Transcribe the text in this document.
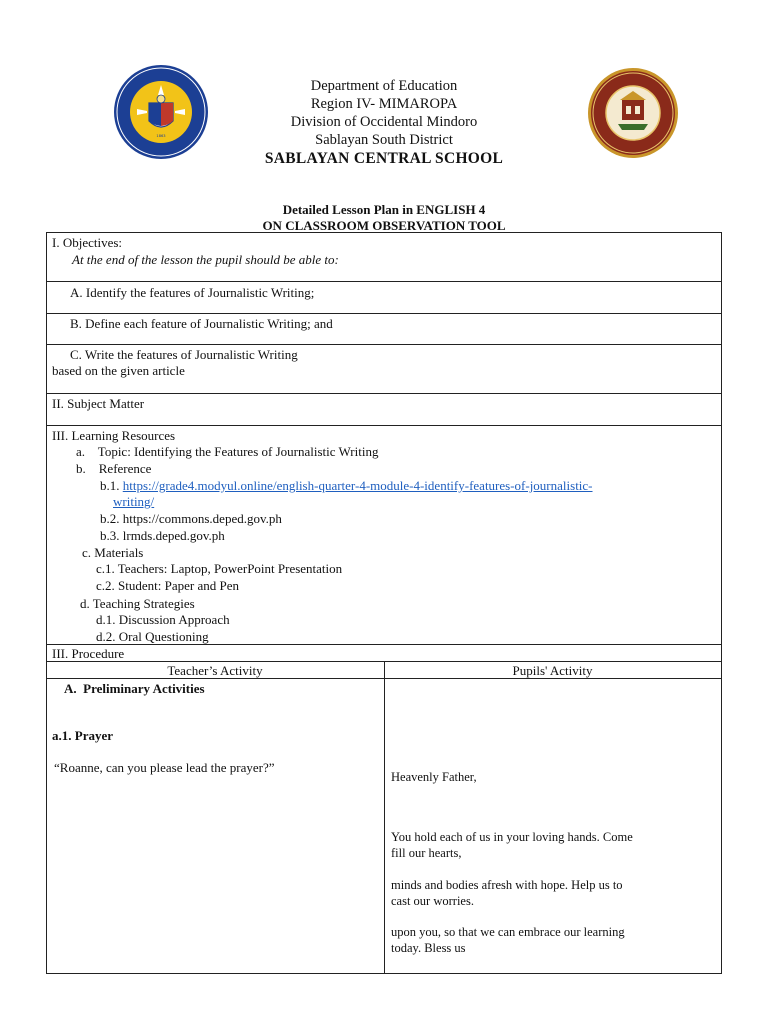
1863
Department of Education
Region IV- MIMAROPA
Division of Occidental Mindoro
Sablayan South District
SABLAYAN CENTRAL SCHOOL
Detailed Lesson Plan in ENGLISH 4
ON CLASSROOM OBSERVATION TOOL
I. Objectives:
At the end of the lesson the pupil should be able to:
A. Identify the features of Journalistic Writing;
B. Define each feature of Journalistic Writing; and
C. Write the features of Journalistic Writing
based on the given article
II. Subject Matter
III. Learning Resources
a.    Topic: Identifying the Features of Journalistic Writing
b.    Reference
b.1. https://grade4.modyul.online/english-quarter-4-module-4-identify-features-of-journalistic-
writing/
b.2. https://commons.deped.gov.ph
b.3. lrmds.deped.gov.ph
c. Materials
c.1. Teachers: Laptop, PowerPoint Presentation
c.2. Student: Paper and Pen
d. Teaching Strategies
d.1. Discussion Approach
d.2. Oral Questioning
III. Procedure
Teacher’s Activity	Pupils' Activity
A.  Preliminary Activities
a.1. Prayer
“Roanne, can you please lead the prayer?”
Heavenly Father,
You hold each of us in your loving hands. Come
fill our hearts,
minds and bodies afresh with hope. Help us to
cast our worries.
upon you, so that we can embrace our learning
today. Bless us
